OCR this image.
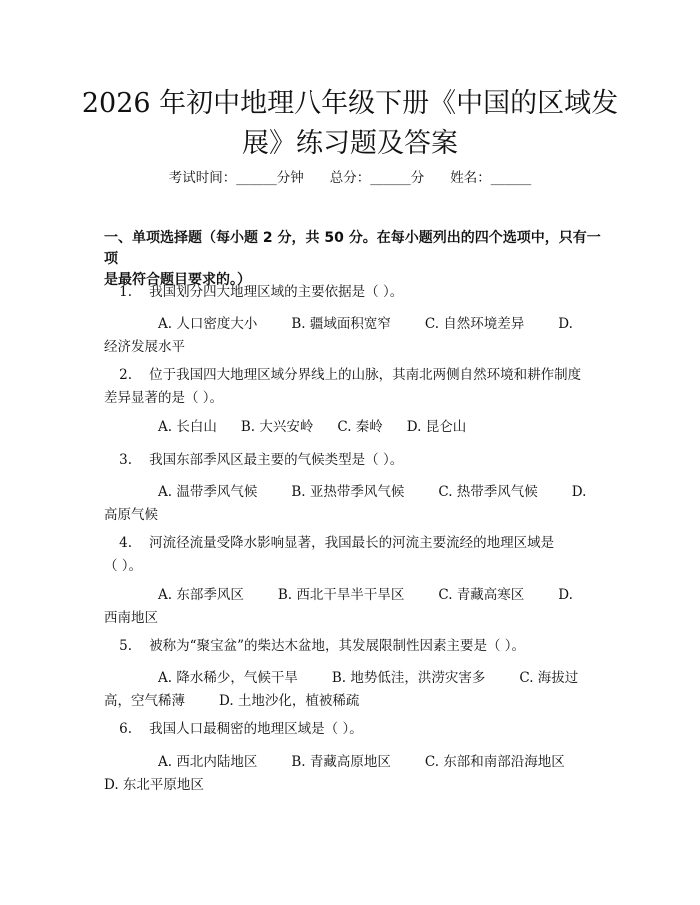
2026 年初中地理八年级下册《中国的区域发
展》练习题及答案
考试时间：______分钟 总分：______分 姓名：______
一、单项选择题（每小题 2 分，共 50 分。在每小题列出的四个选项中，只有一项
是最符合题目要求的。）
1. 我国划分四大地理区域的主要依据是（ ）。
A. 人口密度大小	B. 疆域面积宽窄	C. 自然环境差异	D.
经济发展水平
2. 位于我国四大地理区域分界线上的山脉，其南北两侧自然环境和耕作制度
差异显著的是（ ）。
A. 长白山 B. 大兴安岭 C. 秦岭 D. 昆仑山
3. 我国东部季风区最主要的气候类型是（ ）。
A. 温带季风气候	B. 亚热带季风气候	C. 热带季风气候	D.
高原气候
4. 河流径流量受降水影响显著，我国最长的河流主要流经的地理区域是
（ ）。
A. 东部季风区	B. 西北干旱半干旱区	C. 青藏高寒区	D.
西南地区
5. 被称为“聚宝盆”的柴达木盆地，其发展限制性因素主要是（ ）。
A. 降水稀少，气候干旱	B. 地势低洼，洪涝灾害多	C. 海拔过
高，空气稀薄	D. 土地沙化，植被稀疏
6. 我国人口最稠密的地理区域是（ ）。
A. 西北内陆地区	B. 青藏高原地区	C. 东部和南部沿海地区
D. 东北平原地区
